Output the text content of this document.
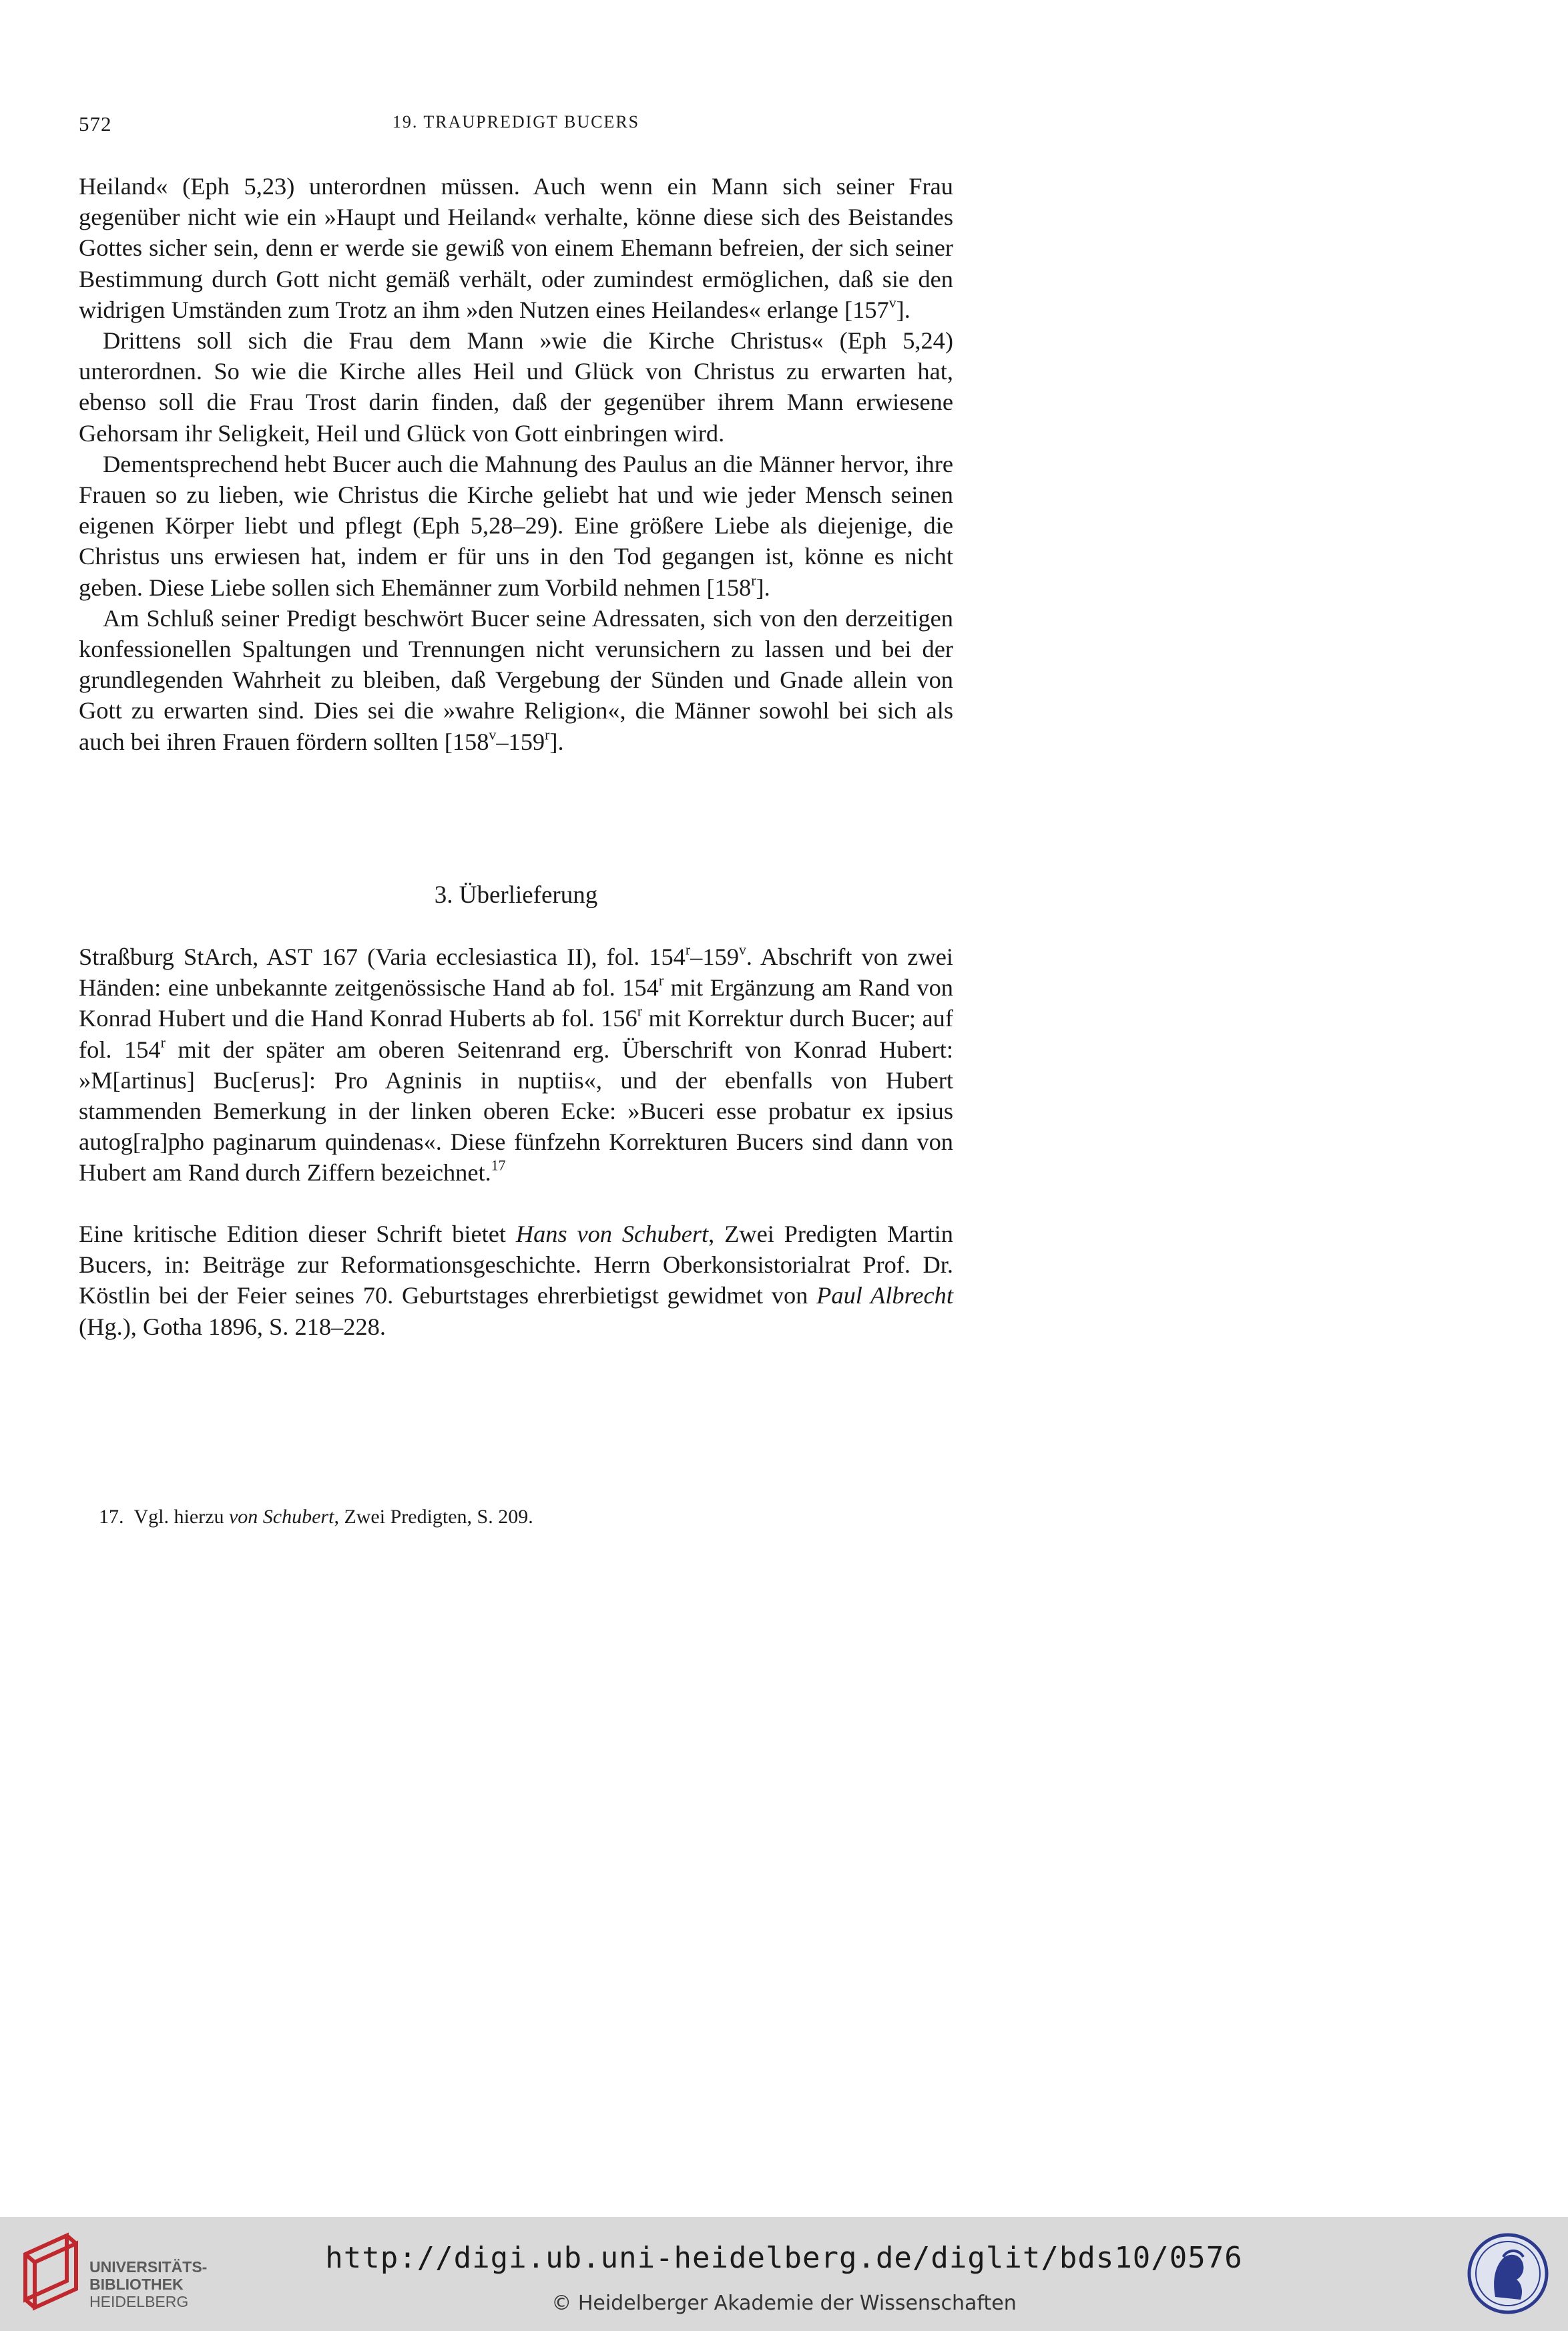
572	19. TRAUPREDIGT BUCERS

Heiland« (Eph 5,23) unterordnen müssen. Auch wenn ein Mann sich seiner Frau gegenüber nicht wie ein »Haupt und Heiland« verhalte, könne diese sich des Beistandes Gottes sicher sein, denn er werde sie gewiß von einem Ehemann befreien, der sich seiner Bestimmung durch Gott nicht gemäß verhält, oder zumindest ermöglichen, daß sie den widrigen Umständen zum Trotz an ihm »den Nutzen eines Heilandes« erlange [157$^v$].

Drittens soll sich die Frau dem Mann »wie die Kirche Christus« (Eph 5,24) unterordnen. So wie die Kirche alles Heil und Glück von Christus zu erwarten hat, ebenso soll die Frau Trost darin finden, daß der gegenüber ihrem Mann erwiesene Gehorsam ihr Seligkeit, Heil und Glück von Gott einbringen wird.

Dementsprechend hebt Bucer auch die Mahnung des Paulus an die Männer hervor, ihre Frauen so zu lieben, wie Christus die Kirche geliebt hat und wie jeder Mensch seinen eigenen Körper liebt und pflegt (Eph 5,28–29). Eine größere Liebe als diejenige, die Christus uns erwiesen hat, indem er für uns in den Tod gegangen ist, könne es nicht geben. Diese Liebe sollen sich Ehemänner zum Vorbild nehmen [158$^r$].

Am Schluß seiner Predigt beschwört Bucer seine Adressaten, sich von den derzeitigen konfessionellen Spaltungen und Trennungen nicht verunsichern zu lassen und bei der grundlegenden Wahrheit zu bleiben, daß Vergebung der Sünden und Gnade allein von Gott zu erwarten sind. Dies sei die »wahre Religion«, die Männer sowohl bei sich als auch bei ihren Frauen fördern sollten [158$^v$–159$^r$].

3. Überlieferung

Straßburg StArch, AST 167 (Varia ecclesiastica II), fol. 154$^r$–159$^v$. Abschrift von zwei Händen: eine unbekannte zeitgenössische Hand ab fol. 154$^r$ mit Ergänzung am Rand von Konrad Hubert und die Hand Konrad Huberts ab fol. 156$^r$ mit Korrektur durch Bucer; auf fol. 154$^r$ mit der später am oberen Seitenrand erg. Überschrift von Konrad Hubert: »M[artinus] Buc[erus]: Pro Agninis in nuptiis«, und der ebenfalls von Hubert stammenden Bemerkung in der linken oberen Ecke: »Buceri esse probatur ex ipsius autog[ra]pho paginarum quindenas«. Diese fünfzehn Korrekturen Bucers sind dann von Hubert am Rand durch Ziffern bezeichnet.$^{17}$

Eine kritische Edition dieser Schrift bietet Hans von Schubert, Zwei Predigten Martin Bucers, in: Beiträge zur Reformationsgeschichte. Herrn Oberkonsistorialrat Prof. Dr. Köstlin bei der Feier seines 70. Geburtstages ehrerbietigst gewidmet von Paul Albrecht (Hg.), Gotha 1896, S. 218–228.

17. Vgl. hierzu von Schubert, Zwei Predigten, S. 209.
UNIVERSITÄTS-
BIBLIOTHEK
HEIDELBERG
http://digi.ub.uni-heidelberg.de/diglit/bds10/0576
© Heidelberger Akademie der Wissenschaften
